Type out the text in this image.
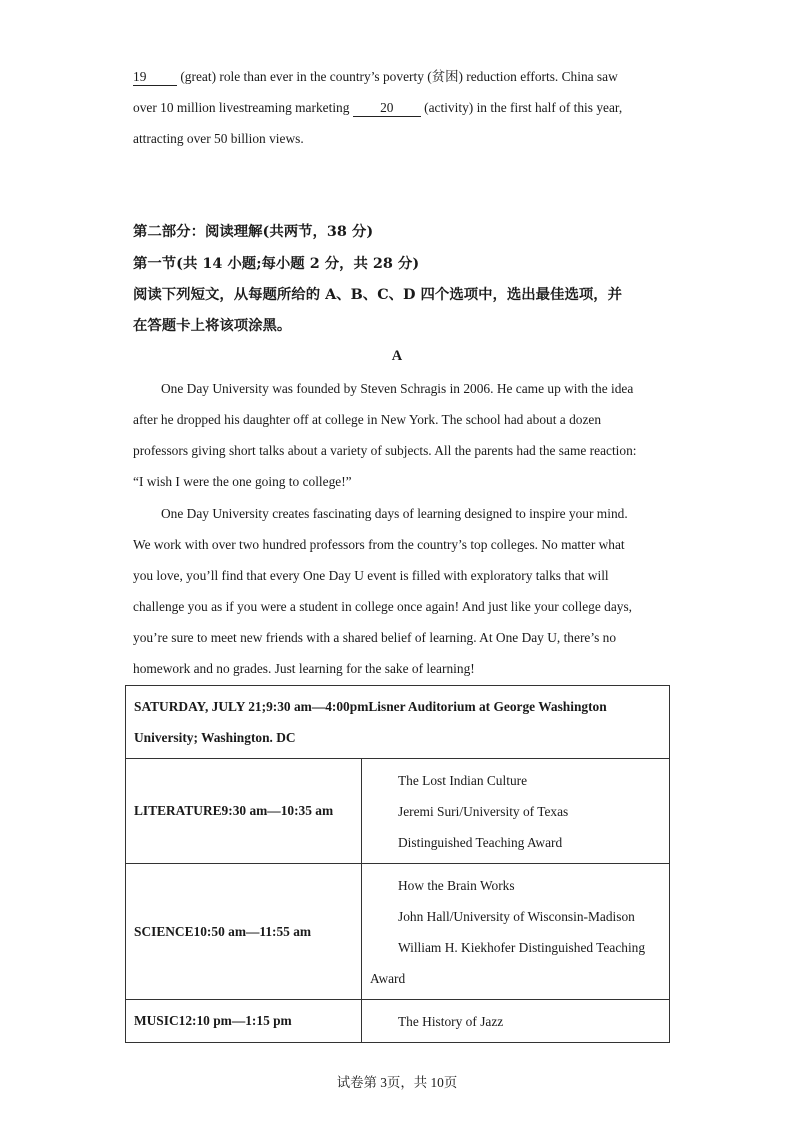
19 (great) role than ever in the country’s poverty (贫困) reduction efforts. China saw
over 10 million livestreaming marketing 20 (activity) in the first half of this year,
attracting over 50 billion views.
第二部分：阅读理解(共两节，38 分)
第一节(共 14 小题;每小题 2 分，共 28 分)
阅读下列短文，从每题所给的 A、B、C、D 四个选项中，选出最佳选项，并
在答题卡上将该项涂黑。
A
One Day University was founded by Steven Schragis in 2006. He came up with the idea
after he dropped his daughter off at college in New York. The school had about a dozen
professors giving short talks about a variety of subjects. All the parents had the same reaction:
“I wish I were the one going to college!”
One Day University creates fascinating days of learning designed to inspire your mind.
We work with over two hundred professors from the country’s top colleges. No matter what
you love, you’ll find that every One Day U event is filled with exploratory talks that will
challenge you as if you were a student in college once again! And just like your college days,
you’re sure to meet new friends with a shared belief of learning. At One Day U, there’s no
homework and no grades. Just learning for the sake of learning!
SATURDAY, JULY 21;9:30 am—4:00pmLisner Auditorium at George Washington
University; Washington. DC	

LITERATURE9:30 am—10:35 am	The Lost Indian Culture
Jeremi Suri/University of Texas
Distinguished Teaching Award

SCIENCE10:50 am—11:55 am	How the Brain Works
John Hall/University of Wisconsin-Madison
William H. Kiekhofer Distinguished Teaching
Award

MUSIC12:10 pm—1:15 pm	The History of Jazz
试卷第 3页，共 10页
